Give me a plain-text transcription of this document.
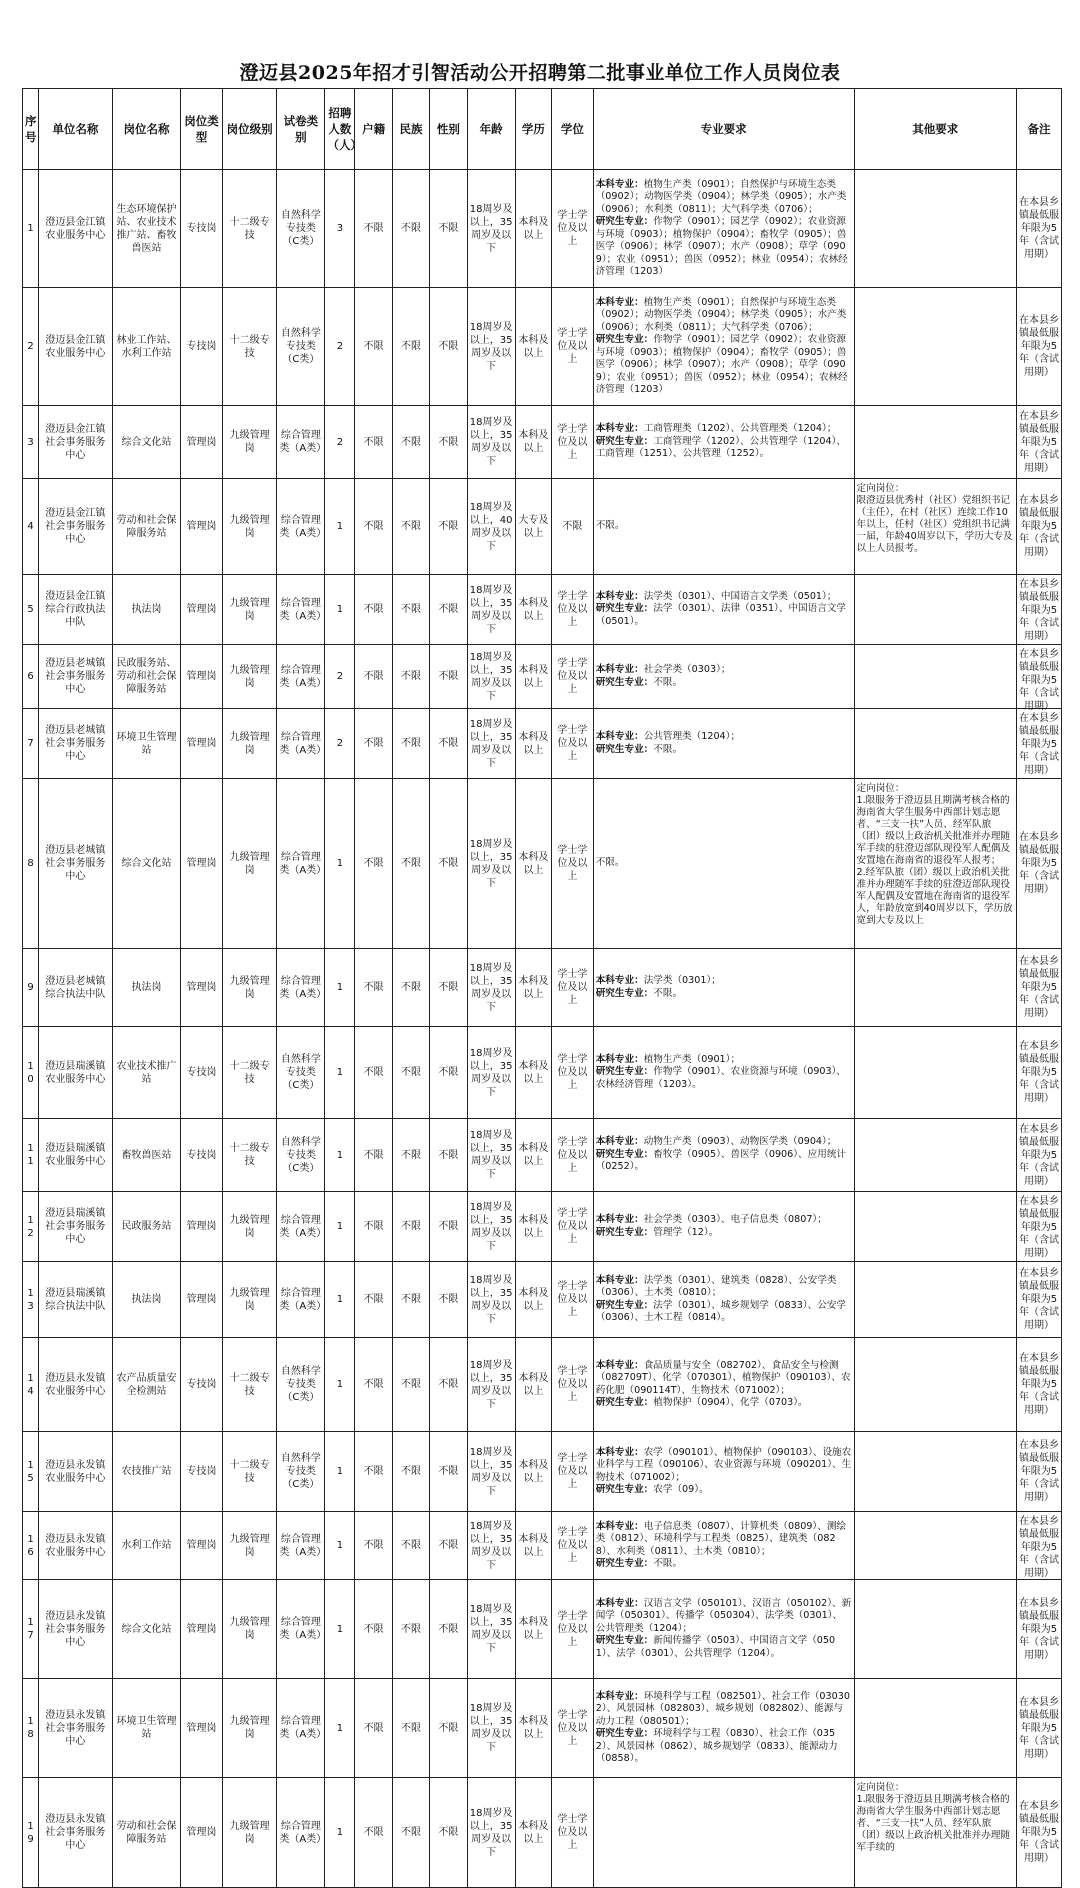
澄迈县2025年招才引智活动公开招聘第二批事业单位工作人员岗位表
序号	单位名称	岗位名称	岗位类型	岗位级别	试卷类别	招聘人数（人）	户籍	民族	性别	年龄	学历	学位	专业要求	其他要求	备注
1	澄迈县金江镇农业服务中心	生态环境保护站、农业技术推广站、畜牧兽医站	专技岗	十二级专技	自然科学专技类（C类）	3	不限	不限	不限	18周岁及以上，35周岁及以下	本科及以上	学士学位及以上	本科专业：植物生产类（0901）；自然保护与环境生态类（0902）；动物医学类（0904）；林学类（0905）；水产类（0906）；水利类（0811）；大气科学类（0706）；
研究生专业：作物学（0901）；园艺学（0902）；农业资源与环境（0903）；植物保护（0904）；畜牧学（0905）；兽医学（0906）；林学（0907）；水产（0908）；草学（0909）；农业（0951）；兽医（0952）；林业（0954）；农林经济管理（1203）		在本县乡镇最低服年限为5年（含试用期）

2	澄迈县金江镇农业服务中心	林业工作站、水利工作站	专技岗	十二级专技	自然科学专技类（C类）	2	不限	不限	不限	18周岁及以上，35周岁及以下	本科及以上	学士学位及以上	本科专业：植物生产类（0901）；自然保护与环境生态类（0902）；动物医学类（0904）；林学类（0905）；水产类（0906）；水利类（0811）；大气科学类（0706）；
研究生专业：作物学（0901）；园艺学（0902）；农业资源与环境（0903）；植物保护（0904）；畜牧学（0905）；兽医学（0906）；林学（0907）；水产（0908）；草学（0909）；农业（0951）；兽医（0952）；林业（0954）；农林经济管理（1203）		在本县乡镇最低服年限为5年（含试用期）

3	澄迈县金江镇社会事务服务中心	综合文化站	管理岗	九级管理岗	综合管理类（A类）	2	不限	不限	不限	18周岁及以上，35周岁及以下	本科及以上	学士学位及以上	本科专业：工商管理类（1202）、公共管理类（1204）；
研究生专业：工商管理学（1202）、公共管理学（1204）、工商管理（1251）、公共管理（1252）。		在本县乡镇最低服年限为5年（含试用期）

4	澄迈县金江镇社会事务服务中心	劳动和社会保障服务站	管理岗	九级管理岗	综合管理类（A类）	1	不限	不限	不限	18周岁及以上，40周岁及以下	大专及以上	不限	不限。	定向岗位：
限澄迈县优秀村（社区）党组织书记（主任），在村（社区）连续工作10年以上，任村（社区）党组织书记满一届，年龄40周岁以下，学历大专及以上人员报考。	在本县乡镇最低服年限为5年（含试用期）

5	澄迈县金江镇综合行政执法中队	执法岗	管理岗	九级管理岗	综合管理类（A类）	1	不限	不限	不限	18周岁及以上，35周岁及以下	本科及以上	学士学位及以上	本科专业：法学类（0301）、中国语言文学类（0501）；
研究生专业：法学（0301）、法律（0351）、中国语言文学（0501）。		在本县乡镇最低服年限为5年（含试用期）

6	澄迈县老城镇社会事务服务中心	民政服务站、劳动和社会保障服务站	管理岗	九级管理岗	综合管理类（A类）	2	不限	不限	不限	18周岁及以上，35周岁及以下	本科及以上	学士学位及以上	本科专业：社会学类（0303）；
研究生专业：不限。		在本县乡镇最低服年限为5年（含试用期）

7	澄迈县老城镇社会事务服务中心	环境卫生管理站	管理岗	九级管理岗	综合管理类（A类）	2	不限	不限	不限	18周岁及以上，35周岁及以下	本科及以上	学士学位及以上	本科专业：公共管理类（1204）；
研究生专业：不限。		在本县乡镇最低服年限为5年（含试用期）

8	澄迈县老城镇社会事务服务中心	综合文化站	管理岗	九级管理岗	综合管理类（A类）	1	不限	不限	不限	18周岁及以上，35周岁及以下	本科及以上	学士学位及以上	不限。	定向岗位：
1.限服务于澄迈县且期满考核合格的海南省大学生服务中西部计划志愿者、“三支一扶”人员、经军队旅（团）级以上政治机关批准并办理随军手续的驻澄迈部队现役军人配偶及安置地在海南省的退役军人报考；
2.经军队旅（团）级以上政治机关批准并办理随军手续的驻澄迈部队现役军人配偶及安置地在海南省的退役军人，年龄放宽到40周岁以下，学历放宽到大专及以上	在本县乡镇最低服年限为5年（含试用期）

9	澄迈县老城镇综合执法中队	执法岗	管理岗	九级管理岗	综合管理类（A类）	1	不限	不限	不限	18周岁及以上，35周岁及以下	本科及以上	学士学位及以上	本科专业：法学类（0301）；
研究生专业：不限。		在本县乡镇最低服年限为5年（含试用期）

10	澄迈县瑞溪镇农业服务中心	农业技术推广站	专技岗	十二级专技	自然科学专技类（C类）	1	不限	不限	不限	18周岁及以上，35周岁及以下	本科及以上	学士学位及以上	本科专业：植物生产类（0901）；
研究生专业：作物学（0901）、农业资源与环境（0903）、农林经济管理（1203）。		在本县乡镇最低服年限为5年（含试用期）

11	澄迈县瑞溪镇农业服务中心	畜牧兽医站	专技岗	十二级专技	自然科学专技类（C类）	1	不限	不限	不限	18周岁及以上，35周岁及以下	本科及以上	学士学位及以上	本科专业：动物生产类（0903）、动物医学类（0904）；
研究生专业：畜牧学（0905）、兽医学（0906）、应用统计（0252）。		在本县乡镇最低服年限为5年（含试用期）

12	澄迈县瑞溪镇社会事务服务中心	民政服务站	管理岗	九级管理岗	综合管理类（A类）	1	不限	不限	不限	18周岁及以上，35周岁及以下	本科及以上	学士学位及以上	本科专业：社会学类（0303）、电子信息类（0807）；
研究生专业：管理学（12）。		在本县乡镇最低服年限为5年（含试用期）

13	澄迈县瑞溪镇综合执法中队	执法岗	管理岗	九级管理岗	综合管理类（A类）	1	不限	不限	不限	18周岁及以上，35周岁及以下	本科及以上	学士学位及以上	本科专业：法学类（0301）、建筑类（0828）、公安学类（0306）、土木类（0810）；
研究生专业：法学（0301）、城乡规划学（0833）、公安学（0306）、土木工程（0814）。		在本县乡镇最低服年限为5年（含试用期）

14	澄迈县永发镇农业服务中心	农产品质量安全检测站	专技岗	十二级专技	自然科学专技类（C类）	1	不限	不限	不限	18周岁及以上，35周岁及以下	本科及以上	学士学位及以上	本科专业：食品质量与安全（082702）、食品安全与检测（082709T）、化学（070301）、植物保护（090103）、农药化肥（090114T）、生物技术（071002）；
研究生专业：植物保护（0904）、化学（0703）。		在本县乡镇最低服年限为5年（含试用期）

15	澄迈县永发镇农业服务中心	农技推广站	专技岗	十二级专技	自然科学专技类（C类）	1	不限	不限	不限	18周岁及以上，35周岁及以下	本科及以上	学士学位及以上	本科专业：农学（090101）、植物保护（090103）、设施农业科学与工程（090106）、农业资源与环境（090201）、生物技术（071002）；
研究生专业：农学（09）。		在本县乡镇最低服年限为5年（含试用期）

16	澄迈县永发镇农业服务中心	水利工作站	管理岗	九级管理岗	综合管理类（A类）	1	不限	不限	不限	18周岁及以上，35周岁及以下	本科及以上	学士学位及以上	本科专业：电子信息类（0807）、计算机类（0809）、测绘类（0812）、环境科学与工程类（0825）、建筑类（0828）、水利类（0811）、土木类（0810）；
研究生专业：不限。		在本县乡镇最低服年限为5年（含试用期）

17	澄迈县永发镇社会事务服务中心	综合文化站	管理岗	九级管理岗	综合管理类（A类）	1	不限	不限	不限	18周岁及以上，35周岁及以下	本科及以上	学士学位及以上	本科专业：汉语言文学（050101）、汉语言（050102）、新闻学（050301）、传播学（050304）、法学类（0301）、公共管理类（1204）；
研究生专业：新闻传播学（0503）、中国语言文学（0501）、法学（0301）、公共管理学（1204）。		在本县乡镇最低服年限为5年（含试用期）

18	澄迈县永发镇社会事务服务中心	环境卫生管理站	管理岗	九级管理岗	综合管理类（A类）	1	不限	不限	不限	18周岁及以上，35周岁及以下	本科及以上	学士学位及以上	本科专业：环境科学与工程（082501）、社会工作（030302）、风景园林（082803）、城乡规划（082802）、能源与动力工程（080501）；
研究生专业：环境科学与工程（0830）、社会工作（0352）、风景园林（0862）、城乡规划学（0833）、能源动力（0858）。		在本县乡镇最低服年限为5年（含试用期）

19	澄迈县永发镇社会事务服务中心	劳动和社会保障服务站	管理岗	九级管理岗	综合管理类（A类）	1	不限	不限	不限	18周岁及以上，35周岁及以下	本科及以上	学士学位及以上		定向岗位：
1.限服务于澄迈县且期满考核合格的海南省大学生服务中西部计划志愿者、“三支一扶”人员、经军队旅（团）级以上政治机关批准并办理随军手续的	在本县乡镇最低服年限为5年（含试用期）
